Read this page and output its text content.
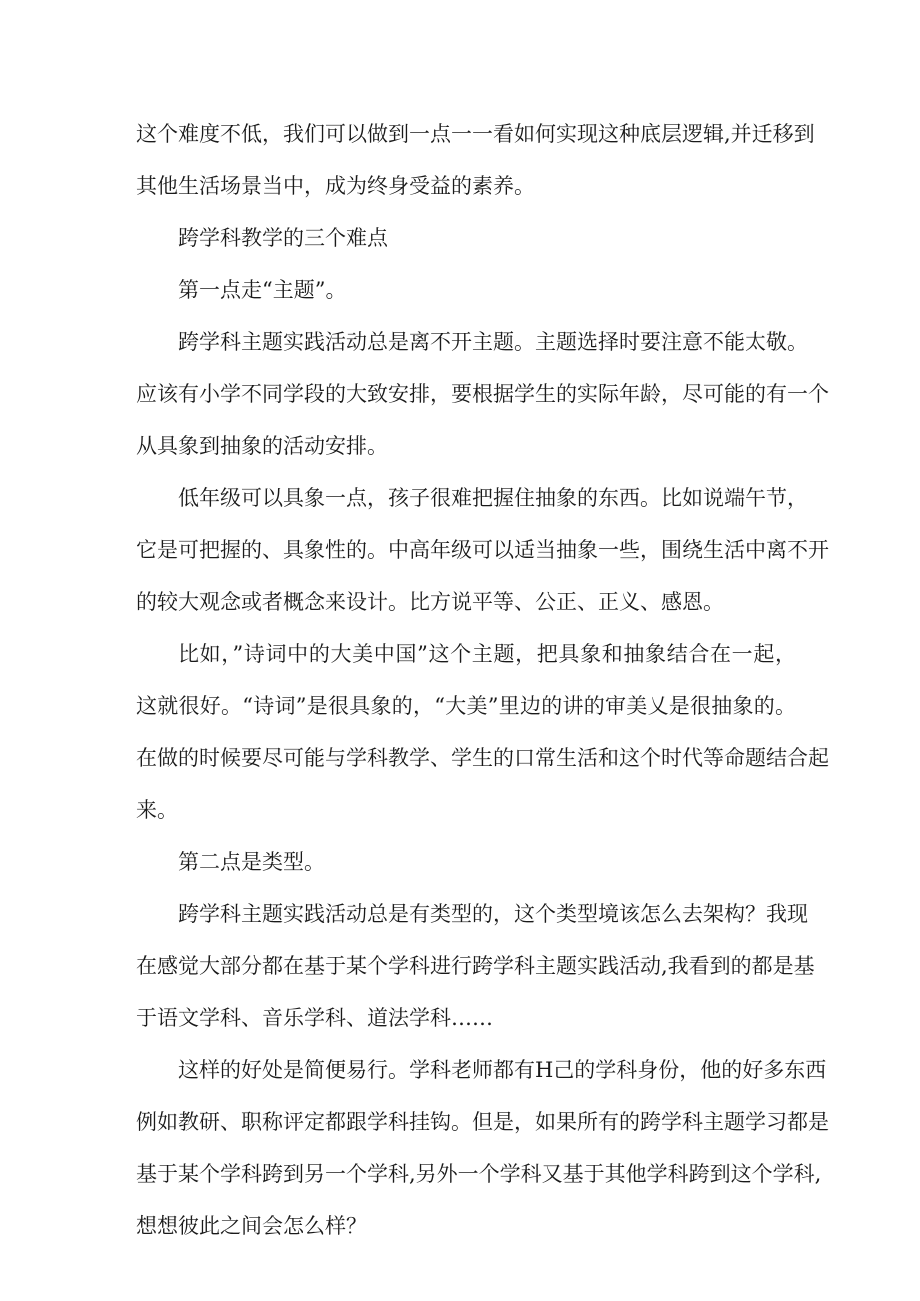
这个难度不低，我们可以做到一点一一看如何实现这种底层逻辑,并迁移到
其他生活场景当中，成为终身受益的素养。
跨学科教学的三个难点
第一点走“主题”。
跨学科主题实践活动总是离不开主题。主题选择时要注意不能太敬。
应该有小学不同学段的大致安排，要根据学生的实际年龄，尽可能的有一个
从具象到抽象的活动安排。
低年级可以具象一点，孩子很难把握住抽象的东西。比如说端午节，
它是可把握的、具象性的。中高年级可以适当抽象一些，围绕生活中离不开
的较大观念或者概念来设计。比方说平等、公正、正义、感恩。
比如，”诗词中的大美中国”这个主题，把具象和抽象结合在一起，
这就很好。“诗词”是很具象的，“大美”里边的讲的审美乂是很抽象的。
在做的时候要尽可能与学科教学、学生的口常生活和这个时代等命题结合起
来。
第二点是类型。
跨学科主题实践活动总是有类型的，这个类型境该怎么去架构？我现
在感觉大部分都在基于某个学科进行跨学科主题实践活动,我看到的都是基
于语文学科、音乐学科、道法学科……
这样的好处是简便易行。学科老师都有H己的学科身份，他的好多东西
例如教研、职称评定都跟学科挂钩。但是，如果所有的跨学科主题学习都是
基于某个学科跨到另一个学科,另外一个学科又基于其他学科跨到这个学科,
想想彼此之间会怎么样？
